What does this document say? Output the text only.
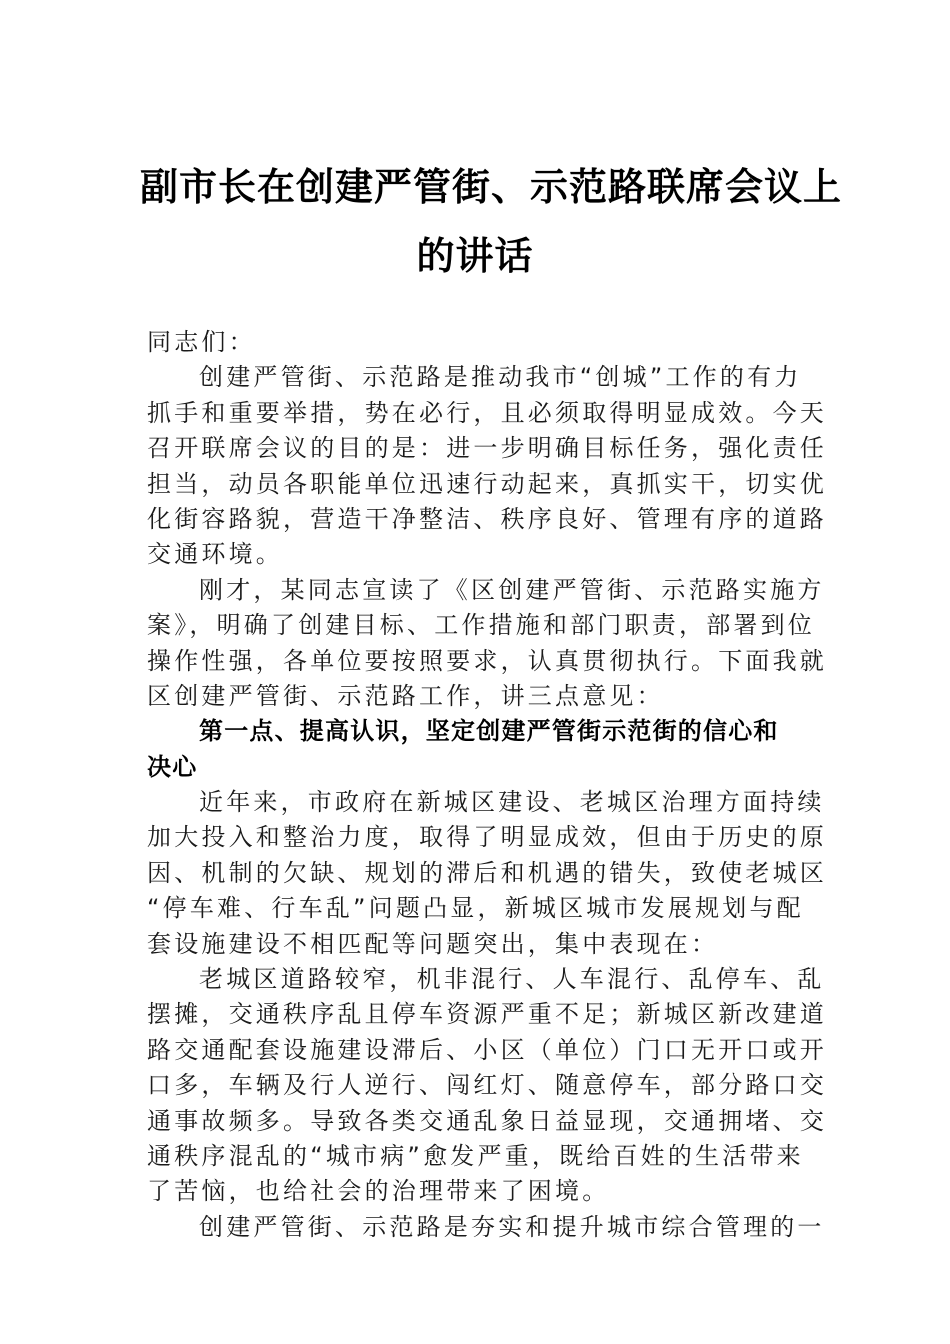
副市长在创建严管街、示范路联席会议上
的讲话
同志们：
创建严管街、示范路是推动我市“创城”工作的有力
抓手和重要举措，势在必行，且必须取得明显成效。今天
召开联席会议的目的是：进一步明确目标任务，强化责任
担当，动员各职能单位迅速行动起来，真抓实干，切实优
化街容路貌，营造干净整洁、秩序良好、管理有序的道路
交通环境。
刚才，某同志宣读了《区创建严管街、示范路实施方
案》，明确了创建目标、工作措施和部门职责，部署到位
操作性强，各单位要按照要求，认真贯彻执行。下面我就
区创建严管街、示范路工作，讲三点意见：
第一点、提高认识，坚定创建严管街示范街的信心和
决心
近年来，市政府在新城区建设、老城区治理方面持续
加大投入和整治力度，取得了明显成效，但由于历史的原
因、机制的欠缺、规划的滞后和机遇的错失，致使老城区
“停车难、行车乱”问题凸显，新城区城市发展规划与配
套设施建设不相匹配等问题突出，集中表现在：
老城区道路较窄，机非混行、人车混行、乱停车、乱
摆摊，交通秩序乱且停车资源严重不足；新城区新改建道
路交通配套设施建设滞后、小区（单位）门口无开口或开
口多，车辆及行人逆行、闯红灯、随意停车，部分路口交
通事故频多。导致各类交通乱象日益显现，交通拥堵、交
通秩序混乱的“城市病”愈发严重，既给百姓的生活带来
了苦恼，也给社会的治理带来了困境。
创建严管街、示范路是夯实和提升城市综合管理的一
